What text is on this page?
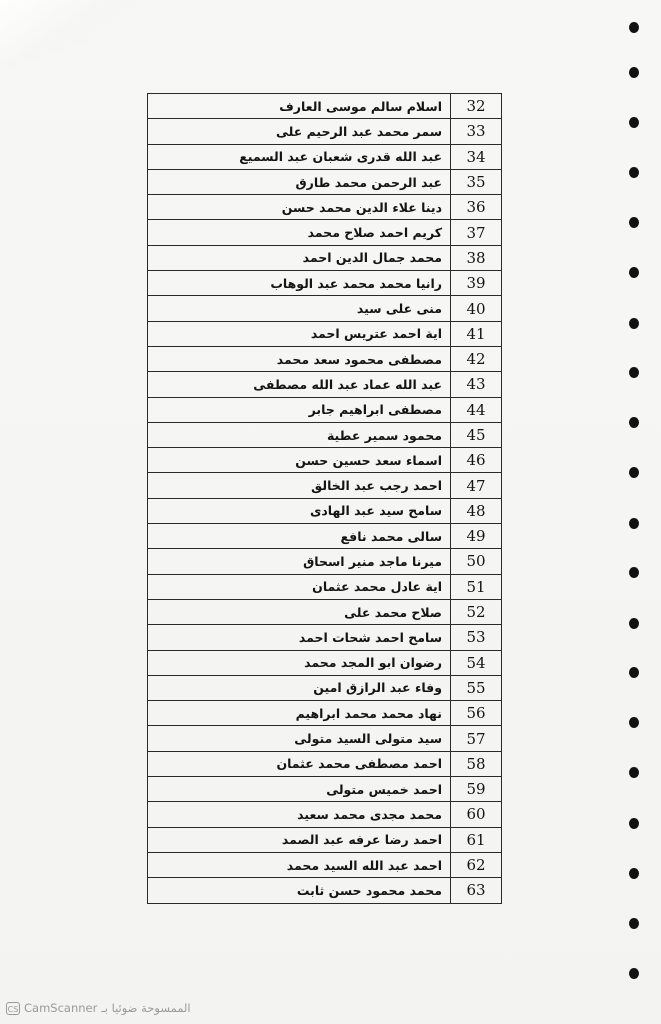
اسلام سالم موسى العارف	32
سمر محمد عبد الرحيم على	33
عبد الله قدرى شعبان عبد السميع	34
عبد الرحمن محمد طارق	35
دينا علاء الدين محمد حسن	36
كريم احمد صلاح محمد	37
محمد جمال الدين احمد	38
رانيا محمد محمد عبد الوهاب	39
منى على سيد	40
اية احمد عتريس احمد	41
مصطفى محمود سعد محمد	42
عبد الله عماد عبد الله مصطفى	43
مصطفى ابراهيم جابر	44
محمود سمير عطية	45
اسماء سعد حسين حسن	46
احمد رجب عبد الخالق	47
سامح سيد عبد الهادى	48
سالى محمد نافع	49
ميرنا ماجد منير اسحاق	50
اية عادل محمد عثمان	51
صلاح محمد على	52
سامح احمد شحات احمد	53
رضوان ابو المجد محمد	54
وفاء عبد الرازق امين	55
نهاد محمد محمد ابراهيم	56
سيد متولى السيد متولى	57
احمد مصطفى محمد عثمان	58
احمد خميس متولى	59
محمد مجدى محمد سعيد	60
احمد رضا عرفه عبد الصمد	61
احمد عبد الله السيد محمد	62
محمد محمود حسن ثابت	63
CS CamScanner الممسوحة ضوئيا بـ
